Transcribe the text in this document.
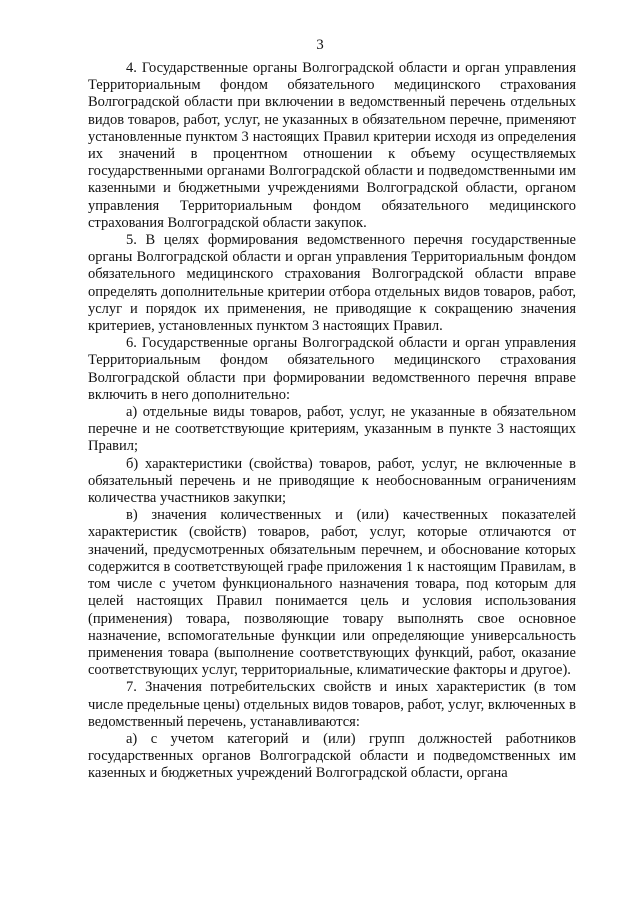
3

4. Государственные органы Волгоградской области и орган управления Территориальным фондом обязательного медицинского страхования Волгоградской области при включении в ведомственный перечень отдельных видов товаров, работ, услуг, не указанных в обязательном перечне, применяют установленные пунктом 3 настоящих Правил критерии исходя из определения их значений в процентном отношении к объему осуществляемых государственными органами Волгоградской области и подведомственными им казенными и бюджетными учреждениями Волгоградской области, органом управления Территориальным фондом обязательного медицинского страхования Волгоградской области закупок.

5. В целях формирования ведомственного перечня государственные органы Волгоградской области и орган управления Территориальным фондом обязательного медицинского страхования Волгоградской области вправе определять дополнительные критерии отбора отдельных видов товаров, работ, услуг и порядок их применения, не приводящие к сокращению значения критериев, установленных пунктом 3 настоящих Правил.

6. Государственные органы Волгоградской области и орган управления Территориальным фондом обязательного медицинского страхования Волгоградской области при формировании ведомственного перечня вправе включить в него дополнительно:

а) отдельные виды товаров, работ, услуг, не указанные в обязательном перечне и не соответствующие критериям, указанным в пункте 3 настоящих Правил;

б) характеристики (свойства) товаров, работ, услуг, не включенные в обязательный перечень и не приводящие к необоснованным ограничениям количества участников закупки;

в) значения количественных и (или) качественных показателей характеристик (свойств) товаров, работ, услуг, которые отличаются от значений, предусмотренных обязательным перечнем, и обоснование которых содержится в соответствующей графе приложения 1 к настоящим Правилам, в том числе с учетом функционального назначения товара, под которым для целей настоящих Правил понимается цель и условия использования (применения) товара, позволяющие товару выполнять свое основное назначение, вспомогательные функции или определяющие универсальность применения товара (выполнение соответствующих функций, работ, оказание соответствующих услуг, территориальные, климатические факторы и другое).

7. Значения потребительских свойств и иных характеристик (в том числе предельные цены) отдельных видов товаров, работ, услуг, включенных в ведомственный перечень, устанавливаются:

а) с учетом категорий и (или) групп должностей работников государственных органов Волгоградской области и подведомственных им казенных и бюджетных учреждений Волгоградской области, органа
